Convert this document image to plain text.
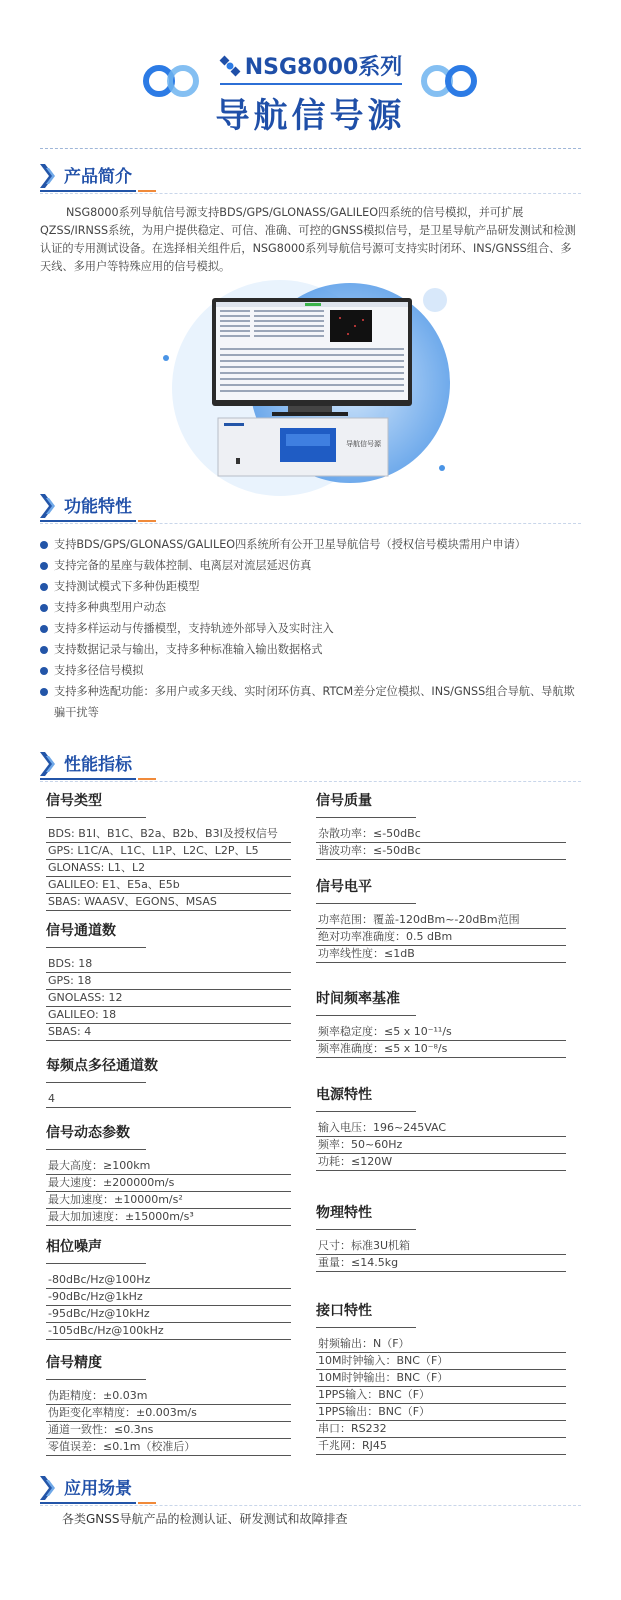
NSG8000系列
导航信号源
产品简介

NSG8000系列导航信号源支持BDS/GPS/GLONASS/GALILEO四系统的信号模拟，并可扩展QZSS/IRNSS系统，为用户提供稳定、可信、准确、可控的GNSS模拟信号，是卫星导航产品研发测试和检测认证的专用测试设备。在选择相关组件后，NSG8000系列导航信号源可支持实时闭环、INS/GNSS组合、多天线、多用户等特殊应用的信号模拟。

导航信号源
功能特性
支持BDS/GPS/GLONASS/GALILEO四系统所有公开卫星导航信号（授权信号模块需用户申请）
支持完备的星座与载体控制、电离层对流层延迟仿真
支持测试模式下多种伪距模型
支持多种典型用户动态
支持多样运动与传播模型，支持轨迹外部导入及实时注入
支持数据记录与输出，支持多种标准输入输出数据格式
支持多径信号模拟
支持多种选配功能：多用户或多天线、实时闭环仿真、RTCM差分定位模拟、INS/GNSS组合导航、导航欺骗干扰等
性能指标
信号类型
BDS: B1I、B1C、B2a、B2b、B3I及授权信号
GPS: L1C/A、L1C、L1P、L2C、L2P、L5
GLONASS: L1、L2
GALILEO: E1、E5a、E5b
SBAS: WAASV、EGONS、MSAS
信号通道数
BDS: 18
GPS: 18
GNOLASS: 12
GALILEO: 18
SBAS: 4
每频点多径通道数
4
信号动态参数
最大高度：≥100km
最大速度：±200000m/s
最大加速度：±10000m/s²
最大加加速度：±15000m/s³
相位噪声
-80dBc/Hz@100Hz
-90dBc/Hz@1kHz
-95dBc/Hz@10kHz
-105dBc/Hz@100kHz
信号精度
伪距精度：±0.03m
伪距变化率精度：±0.003m/s
通道一致性：≤0.3ns
零值误差：≤0.1m（校准后）
信号质量
杂散功率：≤-50dBc
谐波功率：≤-50dBc
信号电平
功率范围：覆盖-120dBm~-20dBm范围
绝对功率准确度：0.5 dBm
功率线性度：≤1dB
时间频率基准
频率稳定度：≤5 x 10⁻¹¹/s
频率准确度：≤5 x 10⁻⁸/s
电源特性
输入电压：196~245VAC
频率：50~60Hz
功耗：≤120W
物理特性
尺寸：标准3U机箱
重量：≤14.5kg
接口特性
射频输出：N（F）
10M时钟输入：BNC（F）
10M时钟输出：BNC（F）
1PPS输入：BNC（F）
1PPS输出：BNC（F）
串口：RS232
千兆网：RJ45
应用场景
各类GNSS导航产品的检测认证、研发测试和故障排查
